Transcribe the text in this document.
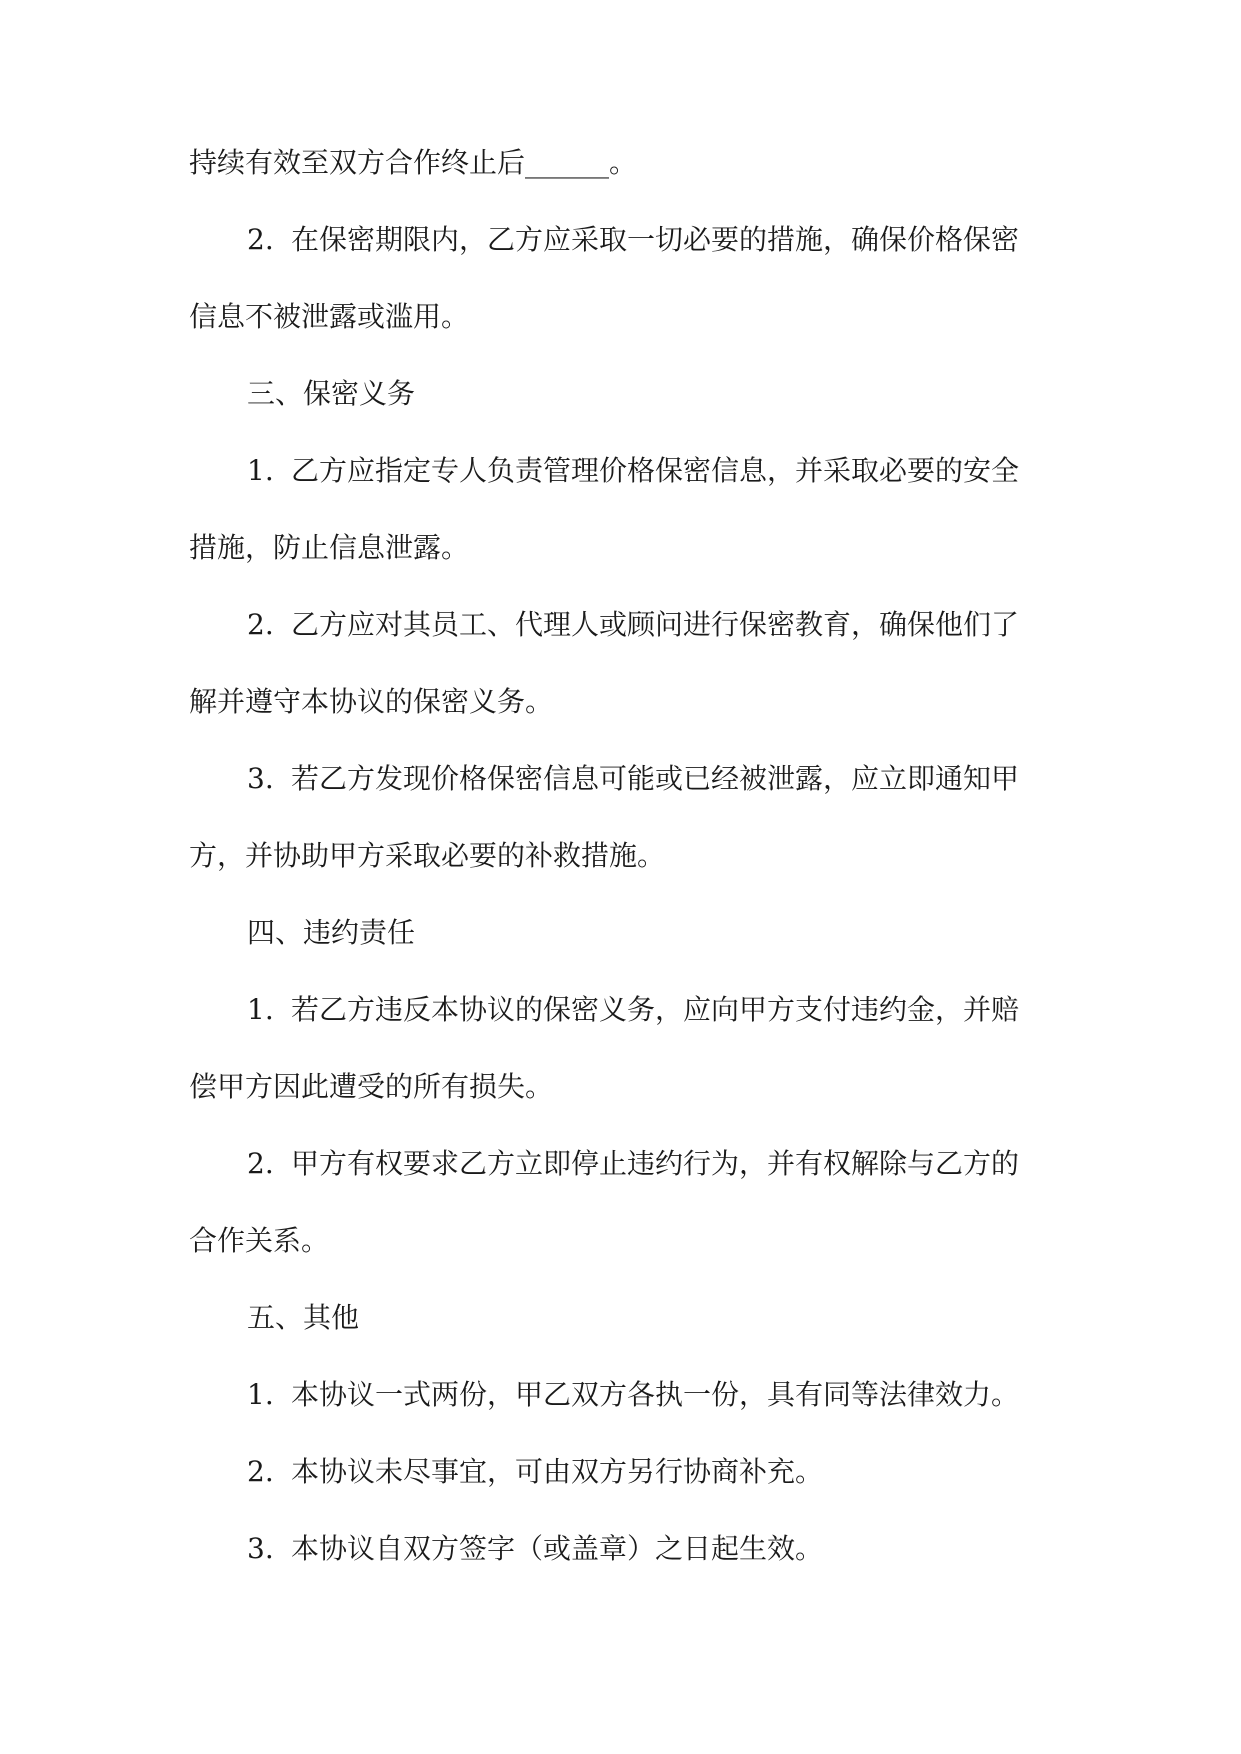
持续有效至双方合作终止后______。
2. 在保密期限内，乙方应采取一切必要的措施，确保价格保密
信息不被泄露或滥用。
三、保密义务
1. 乙方应指定专人负责管理价格保密信息，并采取必要的安全
措施，防止信息泄露。
2. 乙方应对其员工、代理人或顾问进行保密教育，确保他们了
解并遵守本协议的保密义务。
3. 若乙方发现价格保密信息可能或已经被泄露，应立即通知甲
方，并协助甲方采取必要的补救措施。
四、违约责任
1. 若乙方违反本协议的保密义务，应向甲方支付违约金，并赔
偿甲方因此遭受的所有损失。
2. 甲方有权要求乙方立即停止违约行为，并有权解除与乙方的
合作关系。
五、其他
1. 本协议一式两份，甲乙双方各执一份，具有同等法律效力。
2. 本协议未尽事宜，可由双方另行协商补充。
3. 本协议自双方签字（或盖章）之日起生效。
